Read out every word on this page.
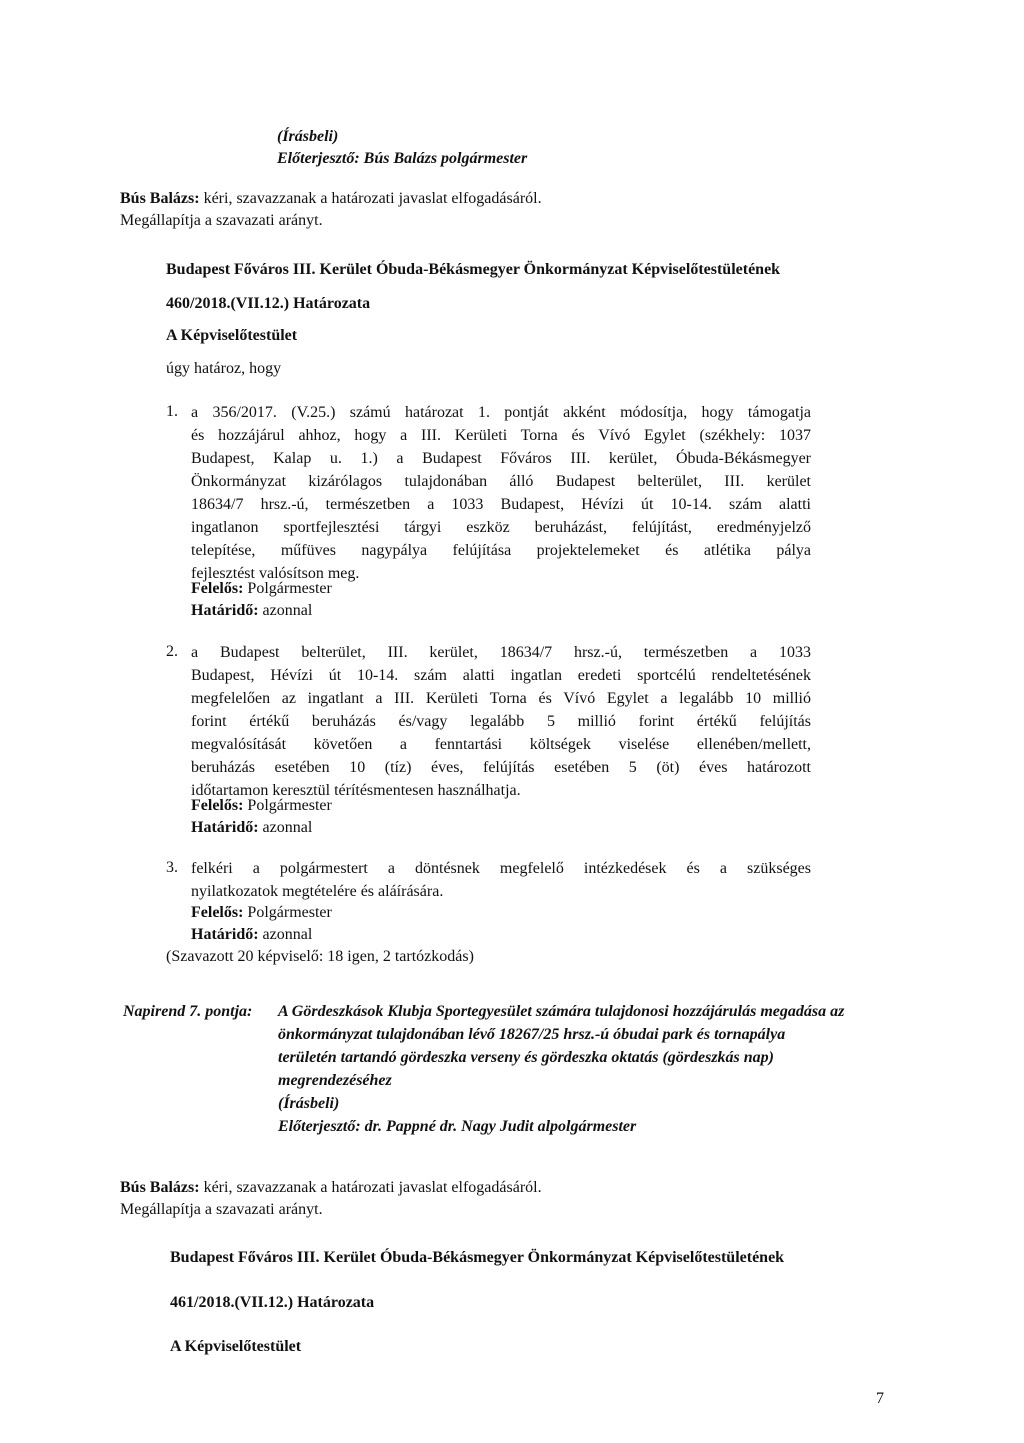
(Írásbeli)
Előterjesztő: Bús Balázs polgármester
Bús Balázs: kéri, szavazzanak a határozati javaslat elfogadásáról.
Megállapítja a szavazati arányt.
Budapest Főváros III. Kerület Óbuda-Békásmegyer Önkormányzat Képviselőtestületének
460/2018.(VII.12.) Határozata
A Képviselőtestület
úgy határoz, hogy
1. a 356/2017. (V.25.) számú határozat 1. pontját akként módosítja, hogy támogatja
és hozzájárul ahhoz, hogy a III. Kerületi Torna és Vívó Egylet (székhely: 1037
Budapest, Kalap u. 1.) a Budapest Főváros III. kerület, Óbuda-Békásmegyer
Önkormányzat kizárólagos tulajdonában álló Budapest belterület, III. kerület
18634/7 hrsz.-ú, természetben a 1033 Budapest, Hévízi út 10-14. szám alatti
ingatlanon sportfejlesztési tárgyi eszköz beruházást, felújítást, eredményjelző
telepítése, műfüves nagypálya felújítása projektelemeket és atlétika pálya
fejlesztést valósítson meg.
Felelős: Polgármester
Határidő: azonnal
2. a Budapest belterület, III. kerület, 18634/7 hrsz.-ú, természetben a 1033
Budapest, Hévízi út 10-14. szám alatti ingatlan eredeti sportcélú rendeltetésének
megfelelően az ingatlant a III. Kerületi Torna és Vívó Egylet a legalább 10 millió
forint értékű beruházás és/vagy legalább 5 millió forint értékű felújítás
megvalósítását követően a fenntartási költségek viselése ellenében/mellett,
beruházás esetében 10 (tíz) éves, felújítás esetében 5 (öt) éves határozott
időtartamon keresztül térítésmentesen használhatja.
Felelős: Polgármester
Határidő: azonnal
3. felkéri a polgármestert a döntésnek megfelelő intézkedések és a szükséges
nyilatkozatok megtételére és aláírására.
Felelős: Polgármester
Határidő: azonnal
(Szavazott 20 képviselő: 18 igen, 2 tartózkodás)
Napirend 7. pontja: A Gördeszkások Klubja Sportegyesület számára tulajdonosi hozzájárulás megadása az
önkormányzat tulajdonában lévő 18267/25 hrsz.-ú óbudai park és tornapálya
területén tartandó gördeszka verseny és gördeszka oktatás (gördeszkás nap)
megrendezéséhez
(Írásbeli)
Előterjesztő: dr. Pappné dr. Nagy Judit alpolgármester
Bús Balázs: kéri, szavazzanak a határozati javaslat elfogadásáról.
Megállapítja a szavazati arányt.
Budapest Főváros III. Kerület Óbuda-Békásmegyer Önkormányzat Képviselőtestületének
461/2018.(VII.12.) Határozata
A Képviselőtestület
7
